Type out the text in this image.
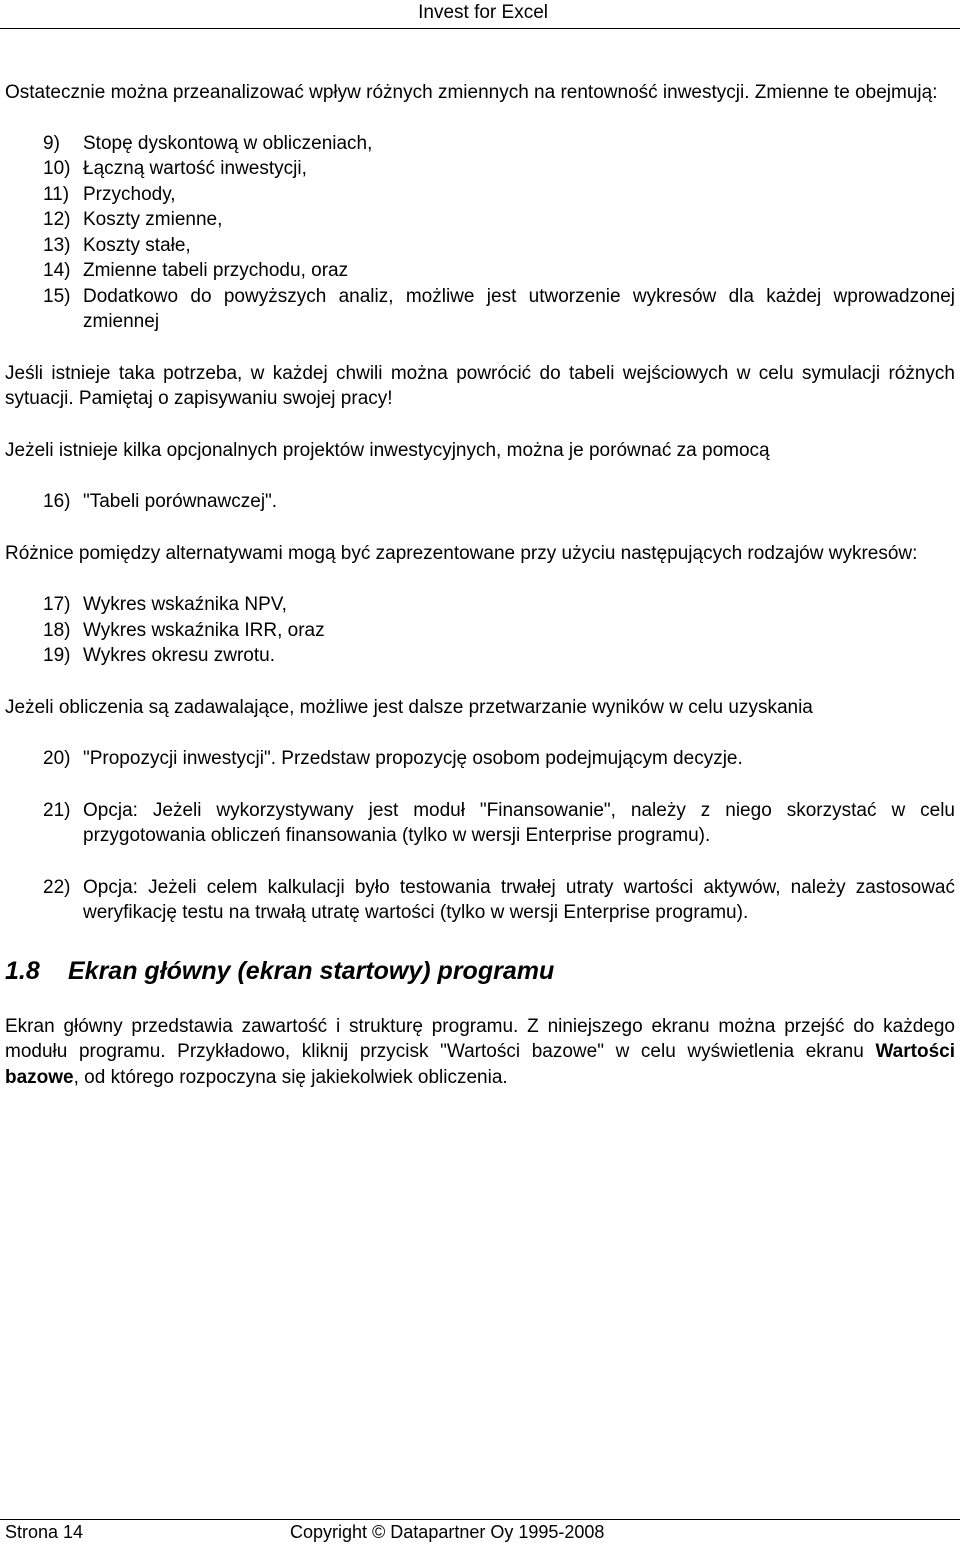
Invest for Excel

Ostatecznie można przeanalizować wpływ różnych zmiennych na rentowność inwestycji. Zmienne te obejmują:

9)	Stopę dyskontową w obliczeniach,
10) Łączną wartość inwestycji,
11) Przychody,
12) Koszty zmienne,
13) Koszty stałe,
14) Zmienne tabeli przychodu, oraz
15) Dodatkowo do powyższych analiz, możliwe jest utworzenie wykresów dla każdej wprowadzonej zmiennej

Jeśli istnieje taka potrzeba, w każdej chwili można powrócić do tabeli wejściowych w celu symulacji różnych sytuacji. Pamiętaj o zapisywaniu swojej pracy!

Jeżeli istnieje kilka opcjonalnych projektów inwestycyjnych, można je porównać za pomocą

16) "Tabeli porównawczej".

Różnice pomiędzy alternatywami mogą być zaprezentowane przy użyciu następujących rodzajów wykresów:

17) Wykres wskaźnika NPV,
18) Wykres wskaźnika IRR, oraz
19) Wykres okresu zwrotu.

Jeżeli obliczenia są zadawalające, możliwe jest dalsze przetwarzanie wyników w celu uzyskania

20) "Propozycji inwestycji". Przedstaw propozycję osobom podejmującym decyzje.
21) Opcja: Jeżeli wykorzystywany jest moduł "Finansowanie", należy z niego skorzystać w celu przygotowania obliczeń finansowania (tylko w wersji Enterprise programu).
22) Opcja: Jeżeli celem kalkulacji było testowania trwałej utraty wartości aktywów, należy zastosować weryfikację testu na trwałą utratę wartości (tylko w wersji Enterprise programu).
1.8	Ekran główny (ekran startowy) programu

Ekran główny przedstawia zawartość i strukturę programu. Z niniejszego ekranu można przejść do każdego modułu programu. Przykładowo, kliknij przycisk "Wartości bazowe" w celu wyświetlenia ekranu Wartości bazowe, od którego rozpoczyna się jakiekolwiek obliczenia.

Strona 14	Copyright © Datapartner Oy 1995-2008
